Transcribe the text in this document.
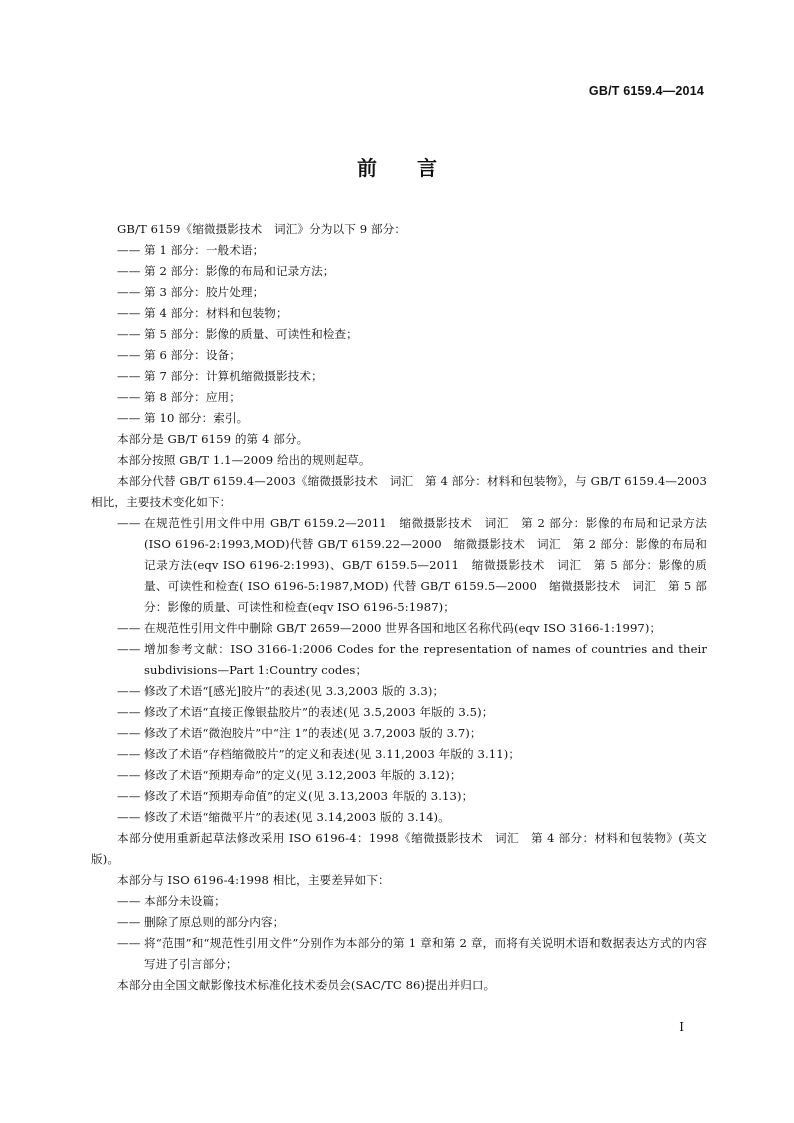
GB/T 6159.4—2014
前言

GB/T 6159《缩微摄影技术　词汇》分为以下 9 部分：

—— 第 1 部分：一般术语；
—— 第 2 部分：影像的布局和记录方法；
—— 第 3 部分：胶片处理；
—— 第 4 部分：材料和包装物；
—— 第 5 部分：影像的质量、可读性和检查；
—— 第 6 部分：设备；
—— 第 7 部分：计算机缩微摄影技术；
—— 第 8 部分：应用；
—— 第 10 部分：索引。

本部分是 GB/T 6159 的第 4 部分。

本部分按照 GB/T 1.1—2009 给出的规则起草。

本部分代替 GB/T 6159.4—2003《缩微摄影技术　词汇　第 4 部分：材料和包装物》，与 GB/T 6159.4—2003 相比，主要技术变化如下：

—— 在规范性引用文件中用 GB/T 6159.2—2011　缩微摄影技术　词汇　第 2 部分：影像的布局和记录方法(ISO 6196-2:1993,MOD)代替 GB/T 6159.22—2000　缩微摄影技术　词汇　第 2 部分：影像的布局和记录方法(eqv ISO 6196-2:1993)、GB/T 6159.5—2011　缩微摄影技术　词汇　第 5 部分：影像的质量、可读性和检查( ISO 6196-5:1987,MOD) 代替 GB/T 6159.5—2000　缩微摄影技术　词汇　第 5 部分：影像的质量、可读性和检查(eqv ISO 6196-5:1987)；
—— 在规范性引用文件中删除 GB/T 2659—2000 世界各国和地区名称代码(eqv ISO 3166-1:1997)；
—— 增加参考文献：ISO 3166-1:2006 Codes for the representation of names of countries and their subdivisions—Part 1:Country codes；
—— 修改了术语“[感光]胶片”的表述(见 3.3,2003 版的 3.3)；
—— 修改了术语“直接正像银盐胶片”的表述(见 3.5,2003 年版的 3.5)；
—— 修改了术语“微泡胶片”中“注 1”的表述(见 3.7,2003 版的 3.7)；
—— 修改了术语“存档缩微胶片”的定义和表述(见 3.11,2003 年版的 3.11)；
—— 修改了术语“预期寿命”的定义(见 3.12,2003 年版的 3.12)；
—— 修改了术语“预期寿命值”的定义(见 3.13,2003 年版的 3.13)；
—— 修改了术语“缩微平片”的表述(见 3.14,2003 版的 3.14)。

本部分使用重新起草法修改采用 ISO 6196-4：1998《缩微摄影技术　词汇　第 4 部分：材料和包装物》(英文版)。

本部分与 ISO 6196-4:1998 相比，主要差异如下：

—— 本部分未设篇；
—— 删除了原总则的部分内容；
—— 将“范围”和“规范性引用文件”分别作为本部分的第 1 章和第 2 章，而将有关说明术语和数据表达方式的内容写进了引言部分；

本部分由全国文献影像技术标准化技术委员会(SAC/TC 86)提出并归口。

I
